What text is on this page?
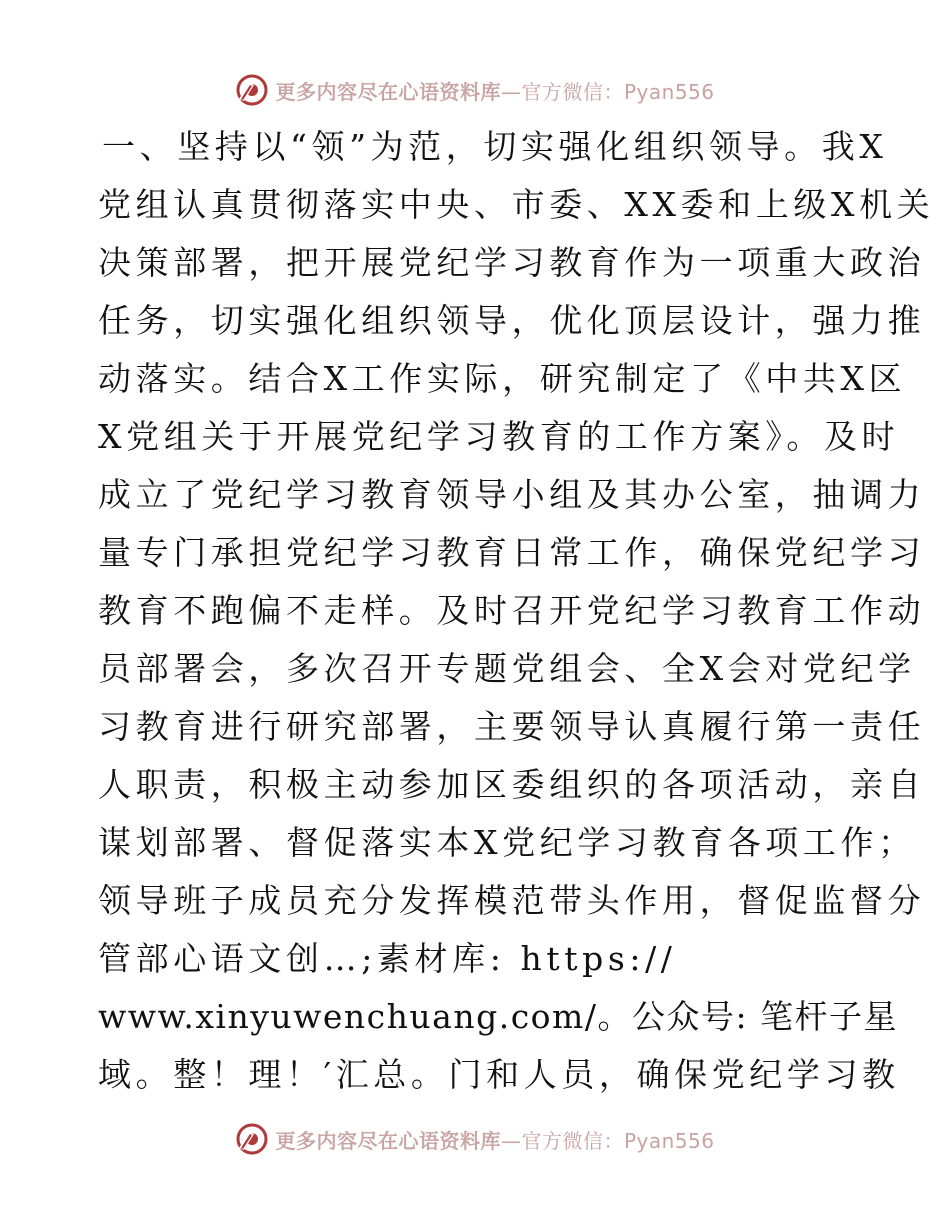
更多内容尽在心语资料库—官方微信：Pyan556
一、坚持以“领”为范，切实强化组织领导。我X
党组认真贯彻落实中央、市委、XX委和上级X机关
决策部署，把开展党纪学习教育作为一项重大政治
任务，切实强化组织领导，优化顶层设计，强力推
动落实。结合X工作实际，研究制定了《中共X区
X党组关于开展党纪学习教育的工作方案》。及时
成立了党纪学习教育领导小组及其办公室，抽调力
量专门承担党纪学习教育日常工作，确保党纪学习
教育不跑偏不走样。及时召开党纪学习教育工作动
员部署会，多次召开专题党组会、全X会对党纪学
习教育进行研究部署，主要领导认真履行第一责任
人职责，积极主动参加区委组织的各项活动，亲自
谋划部署、督促落实本X党纪学习教育各项工作；
领导班子成员充分发挥模范带头作用，督促监督分
管部心语文创…;素材库: https://
www.xinyuwenchuang.com/。公众号: 笔杆子星
域。整！理！′汇总。门和人员，确保党纪学习教
更多内容尽在心语资料库—官方微信：Pyan556
